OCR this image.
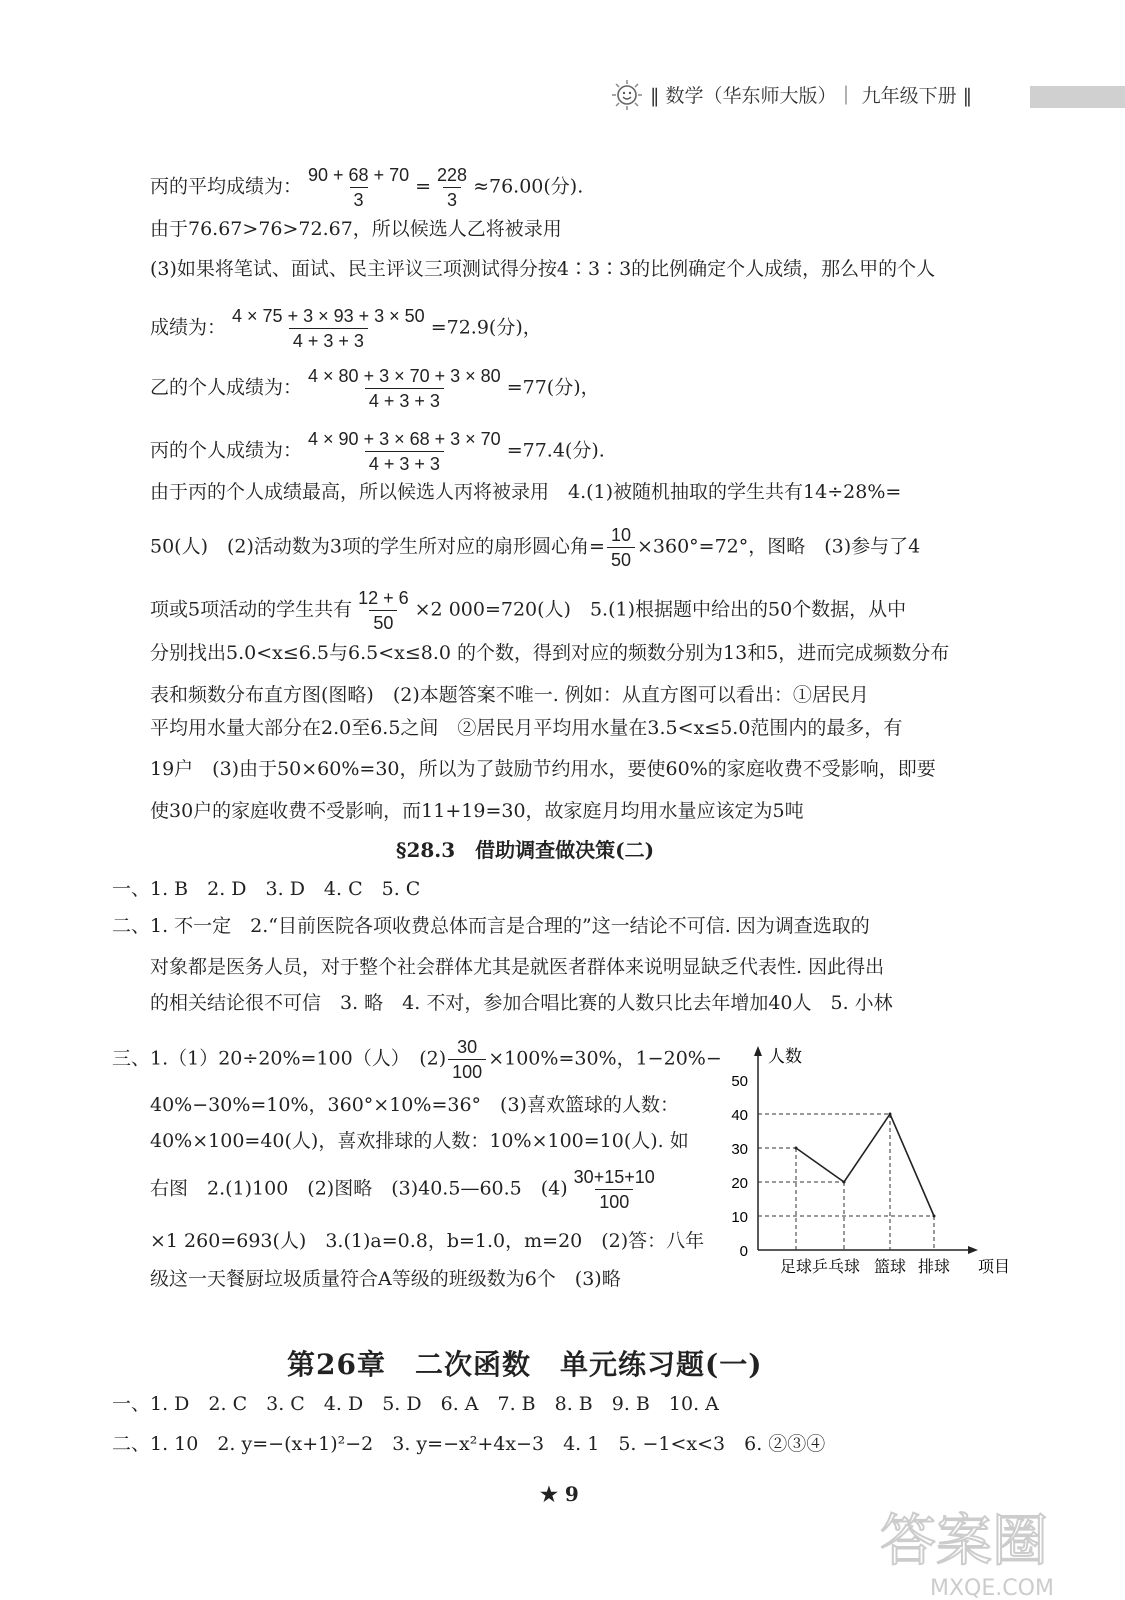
‖ 数学（华东师大版）｜ 九年级下册 ‖
丙的平均成绩为： $\frac{90 + 68 + 70}{3} = \frac{228}{3} \approx 76.00$(分).
由于76.67>76>72.67，所以候选人乙将被录用
(3)如果将笔试、面试、民主评议三项测试得分按4∶3∶3的比例确定个人成绩，那么甲的个人
成绩为： $\frac{4 \times 75 + 3 \times 93 + 3 \times 50}{4 + 3 + 3} =72.9$(分)，
乙的个人成绩为： $\frac{4 \times 80 + 3 \times 70 + 3 \times 80}{4 + 3 + 3} =77$(分)，
丙的个人成绩为： $\frac{4 \times 90 + 3 \times 68 + 3 \times 70}{4 + 3 + 3} =77.4$(分).
由于丙的个人成绩最高，所以候选人丙将被录用　4.(1)被随机抽取的学生共有14÷28%=
50(人)　(2)活动数为3项的学生所对应的扇形圆心角= $\frac{10}{50} \times 360^\circ=72^\circ$，图略　(3)参与了4
项或5项活动的学生共有 $\frac{12 + 6}{50} \times 2$ 000=720(人)　5.(1)根据题中给出的50个数据，从中
分别找出5.0<x≤6.5与6.5<x≤8.0 的个数，得到对应的频数分别为13和5，进而完成频数分布
表和频数分布直方图(图略)　(2)本题答案不唯一. 例如：从直方图可以看出：①居民月
平均用水量大部分在2.0至6.5之间　②居民月平均用水量在3.5<x≤5.0范围内的最多，有
19户　(3)由于50×60%=30，所以为了鼓励节约用水，要使60%的家庭收费不受影响，即要
使30户的家庭收费不受影响，而11+19=30，故家庭月均用水量应该定为5吨
§28.3　借助调查做决策(二)
一、1. B　2. D　3. D　4. C　5. C
二、1. 不一定　2.“目前医院各项收费总体而言是合理的”这一结论不可信. 因为调查选取的
对象都是医务人员，对于整个社会群体尤其是就医者群体来说明显缺乏代表性. 因此得出
的相关结论很不可信　3. 略　4. 不对，参加合唱比赛的人数只比去年增加40人　5. 小林
三、1.（1）20÷20%=100（人）　$(2) \frac{30}{100} \times 100\%=30\%$，1−20%−
40%−30%=10%，360°×10%=36°　(3)喜欢篮球的人数：
40%×100=40(人)，喜欢排球的人数：10%×100=10(人). 如
右图　2.(1)100　(2)图略　(3)40.5—60.5　$(4) \frac{30+15+10}{100}$
×1 260=693(人)　3.(1)a=0.8，b=1.0，m=20　(2)答：八年
级这一天餐厨垃圾质量符合A等级的班级数为6个　(3)略
0
10
20
30
40
50
足球 乒乓球 篮球 排球
人数
项目
第26章　二次函数　单元练习题(一)
一、1. D　2. C　3. C　4. D　5. D　6. A　7. B　8. B　9. B　10. A
二、1. 10　2. y=−(x+1)²−2　3. y=−x²+4x−3　4. 1　5. −1<x<3　6. ②③④
★ 9
答案圈
MXQE.COM
